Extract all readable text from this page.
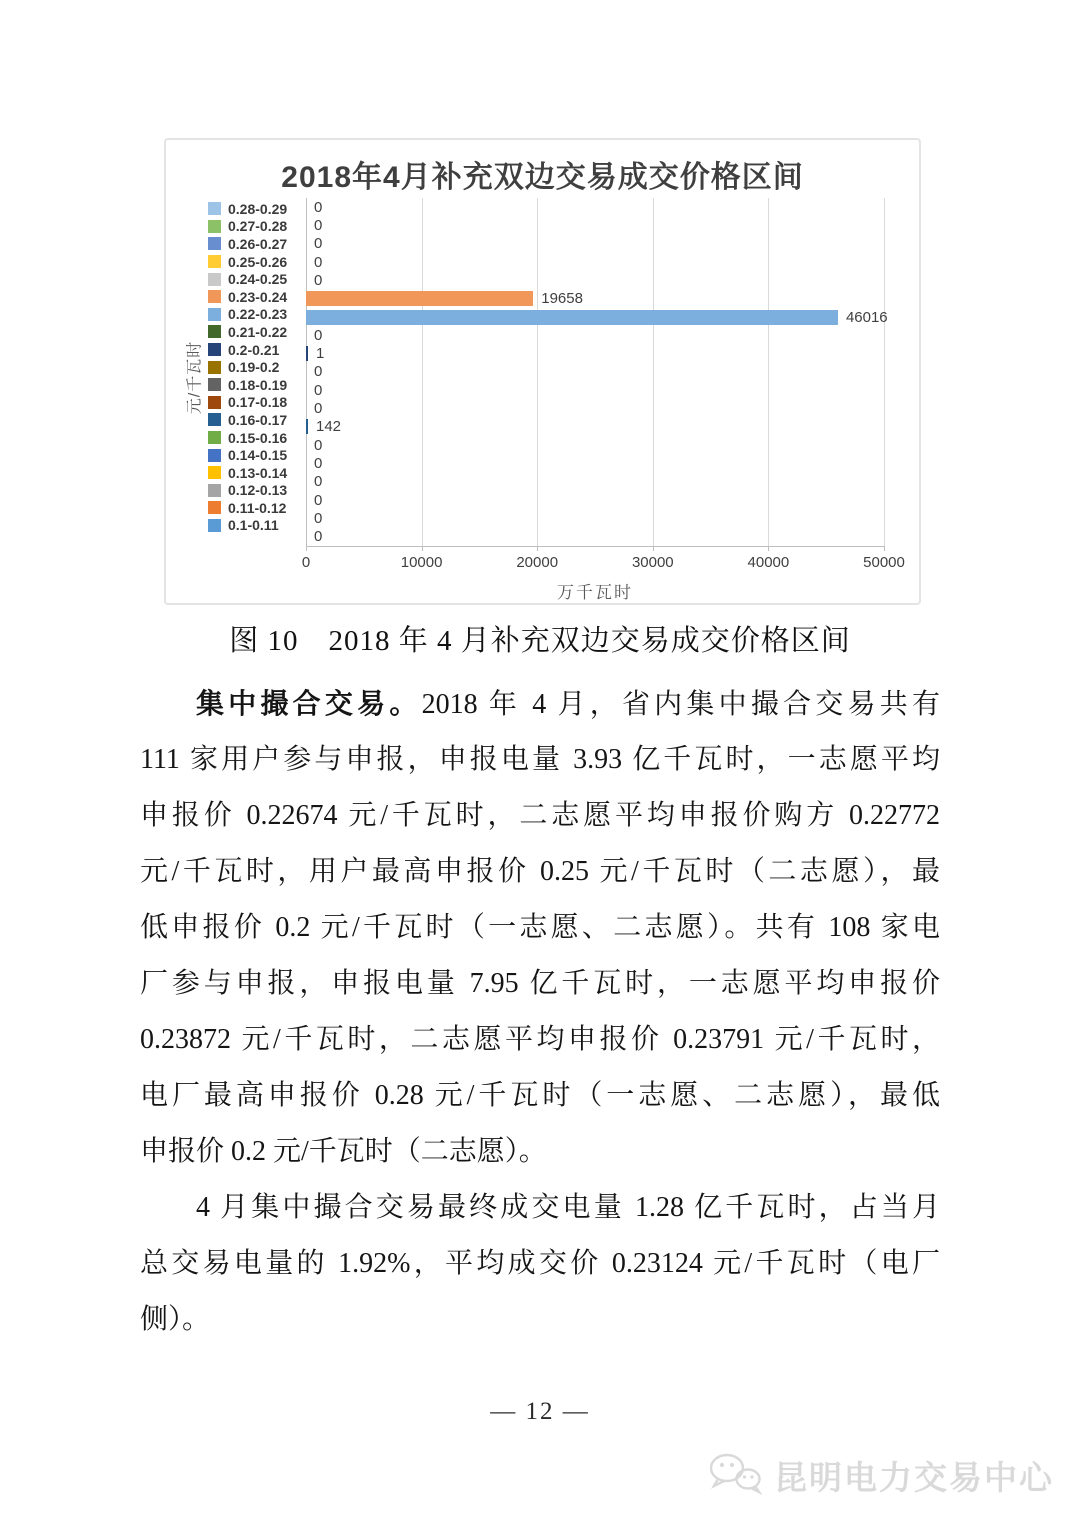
2018年4月补充双边交易成交价格区间
元/千瓦时
0.28-0.29
0.27-0.28
0.26-0.27
0.25-0.26
0.24-0.25
0.23-0.24
0.22-0.23
0.21-0.22
0.2-0.21
0.19-0.2
0.18-0.19
0.17-0.18
0.16-0.17
0.15-0.16
0.14-0.15
0.13-0.14
0.12-0.13
0.11-0.12
0.1-0.11
0
0
0
0
0
19658
46016
0
1
0
0
0
142
0
0
0
0
0
0
0	10000	20000	30000	40000	50000
万千瓦时
图 10　2018 年 4 月补充双边交易成交价格区间
集中撮合交易。2018 年 4 月，省内集中撮合交易共有
111 家用户参与申报，申报电量 3.93 亿千瓦时，一志愿平均
申报价 0.22674 元/千瓦时，二志愿平均申报价购方 0.22772
元/千瓦时，用户最高申报价 0.25 元/千瓦时（二志愿），最
低申报价 0.2 元/千瓦时（一志愿、二志愿）。共有 108 家电
厂参与申报，申报电量 7.95 亿千瓦时，一志愿平均申报价
0.23872 元/千瓦时，二志愿平均申报价 0.23791 元/千瓦时，
电厂最高申报价 0.28 元/千瓦时（一志愿、二志愿），最低
申报价 0.2 元/千瓦时（二志愿）。
4 月集中撮合交易最终成交电量 1.28 亿千瓦时，占当月
总交易电量的 1.92%，平均成交价 0.23124 元/千瓦时（电厂
侧）。
— 12 —
昆明电力交易中心
